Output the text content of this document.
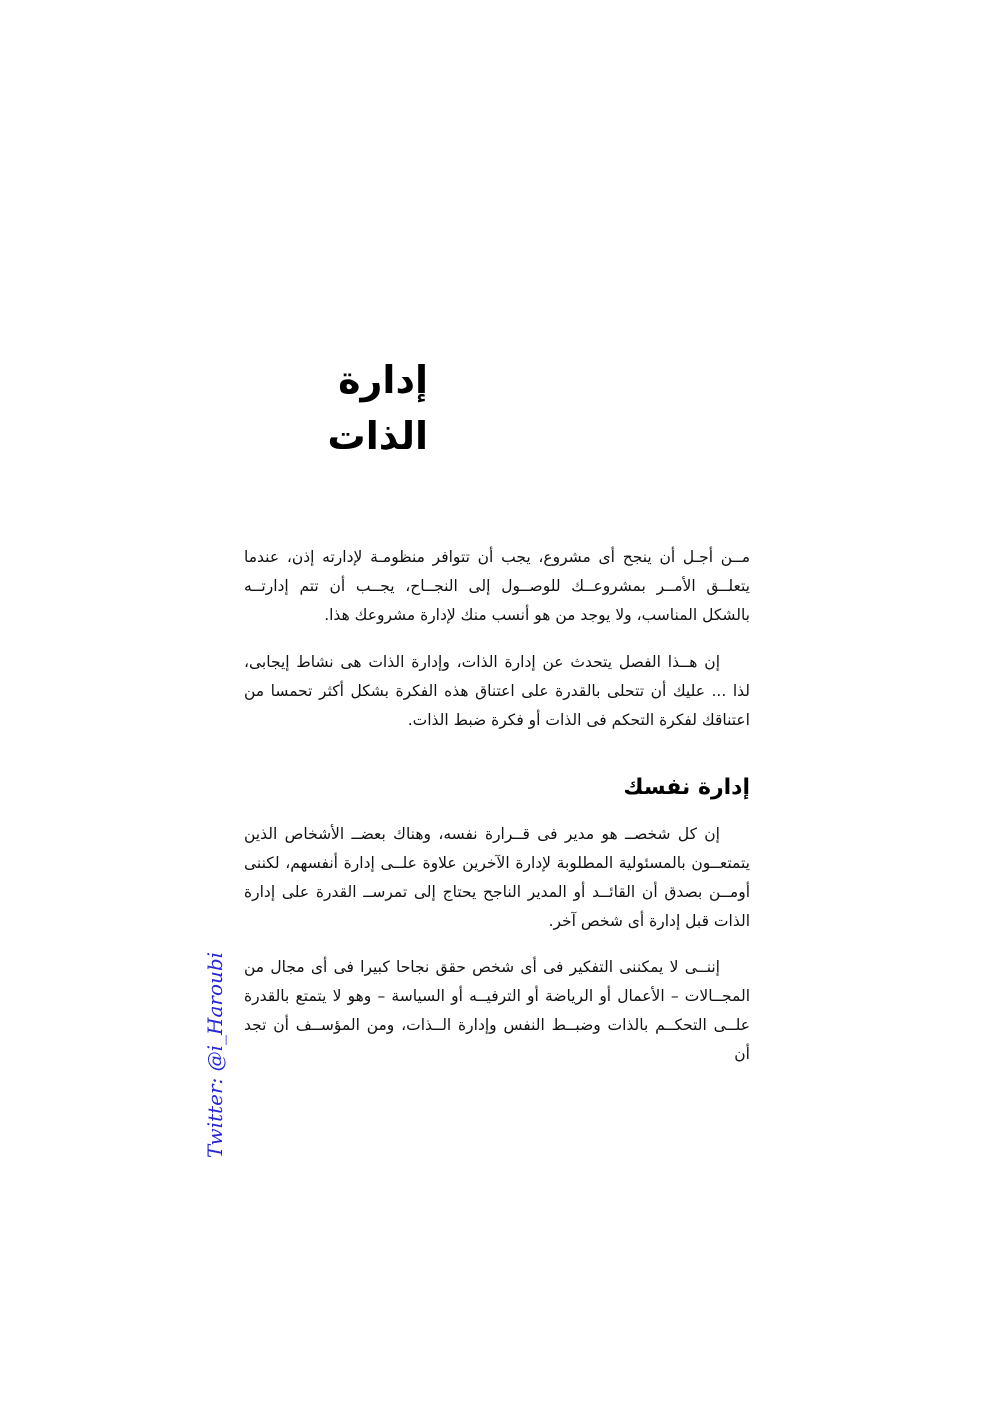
إدارة الذات

مــن أجـل أن ينجح أى مشروع، يجب أن تتوافر منظومـة لإدارته إذن، عندما يتعلــق الأمــر بمشروعــك للوصــول إلى النجــاح، يجــب أن تتم إدارتــه بالشكل المناسب، ولا يوجد من هو أنسب منك لإدارة مشروعك هذا.

إن هــذا الفصل يتحدث عن إدارة الذات، وإدارة الذات هى نشاط إيجابى، لذا ... عليك أن تتحلى بالقدرة على اعتناق هذه الفكرة بشكل أكثر تحمسا من اعتناقك لفكرة التحكم فى الذات أو فكرة ضبط الذات.

إدارة نفسك

إن كل شخصــ هو مدير فى قــرارة نفسه، وهناك بعضــ الأشخاص الذين يتمتعــون بالمسئولية المطلوبة لإدارة الآخرين علاوة علــى إدارة أنفسهم، لكننى أومــن بصدق أن القائــد أو المدير الناجح يحتاج إلى تمرســ القدرة على إدارة الذات قبل إدارة أى شخص آخر.

إننــى لا يمكننى التفكير فى أى شخص حقق نجاحا كبيرا فى أى مجال من المجــالات – الأعمال أو الرياضة أو الترفيــه أو السياسة – وهو لا يتمتع بالقدرة علــى التحكــم بالذات وضبــط النفس وإدارة الــذات، ومن المؤســف أن تجد أن

Twitter: @i_Haroubi
